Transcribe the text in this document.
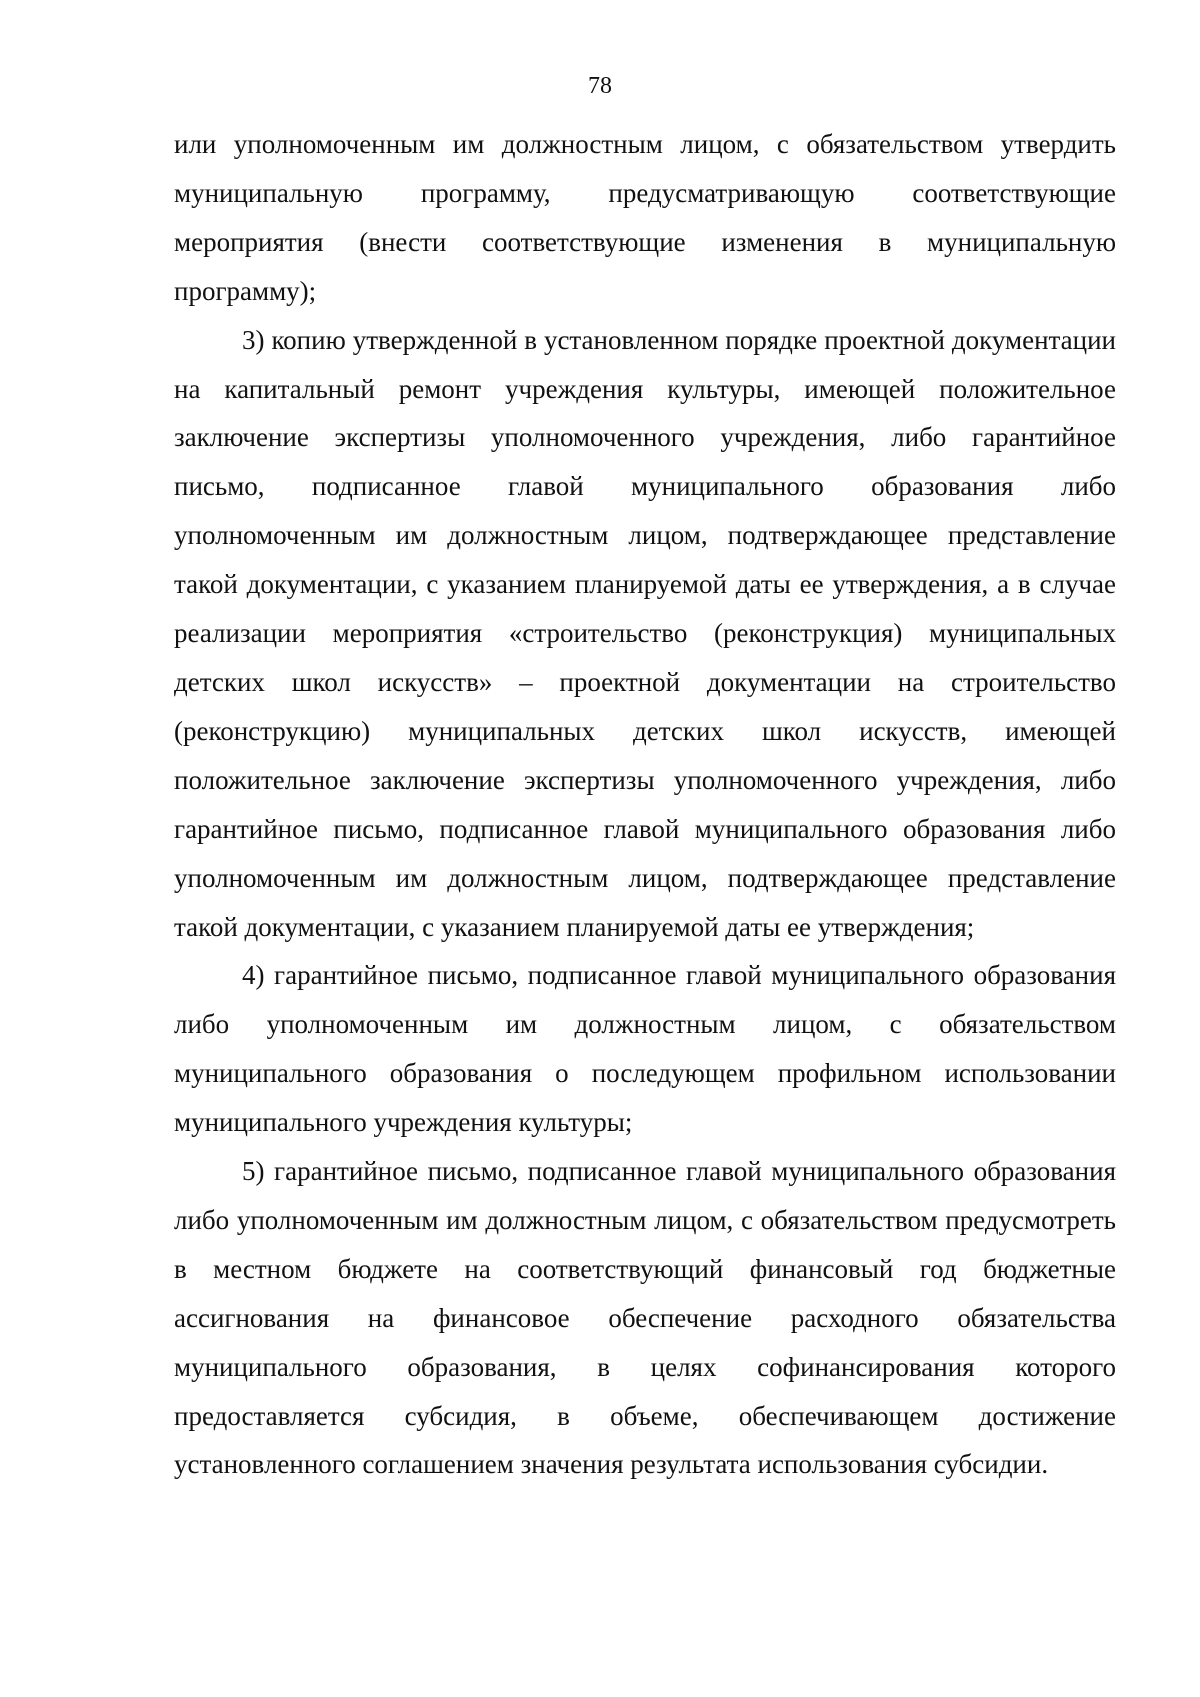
78

или уполномоченным им должностным лицом, с обязательством утвердить муниципальную программу, предусматривающую соответствующие мероприятия (внести соответствующие изменения в муниципальную программу);

3) копию утвержденной в установленном порядке проектной документации на капитальный ремонт учреждения культуры, имеющей положительное заключение экспертизы уполномоченного учреждения, либо гарантийное письмо, подписанное главой муниципального образования либо уполномоченным им должностным лицом, подтверждающее представление такой документации, с указанием планируемой даты ее утверждения, а в случае реализации мероприятия «строительство (реконструкция) муниципальных детских школ искусств» – проектной документации на строительство (реконструкцию) муниципальных детских школ искусств, имеющей положительное заключение экспертизы уполномоченного учреждения, либо гарантийное письмо, подписанное главой муниципального образования либо уполномоченным им должностным лицом, подтверждающее представление такой документации, с указанием планируемой даты ее утверждения;

4) гарантийное письмо, подписанное главой муниципального образования либо уполномоченным им должностным лицом, с обязательством муниципального образования о последующем профильном использовании муниципального учреждения культуры;

5) гарантийное письмо, подписанное главой муниципального образования либо уполномоченным им должностным лицом, с обязательством предусмотреть в местном бюджете на соответствующий финансовый год бюджетные ассигнования на финансовое обеспечение расходного обязательства муниципального образования, в целях софинансирования которого предоставляется субсидия, в объеме, обеспечивающем достижение установленного соглашением значения результата использования субсидии.
